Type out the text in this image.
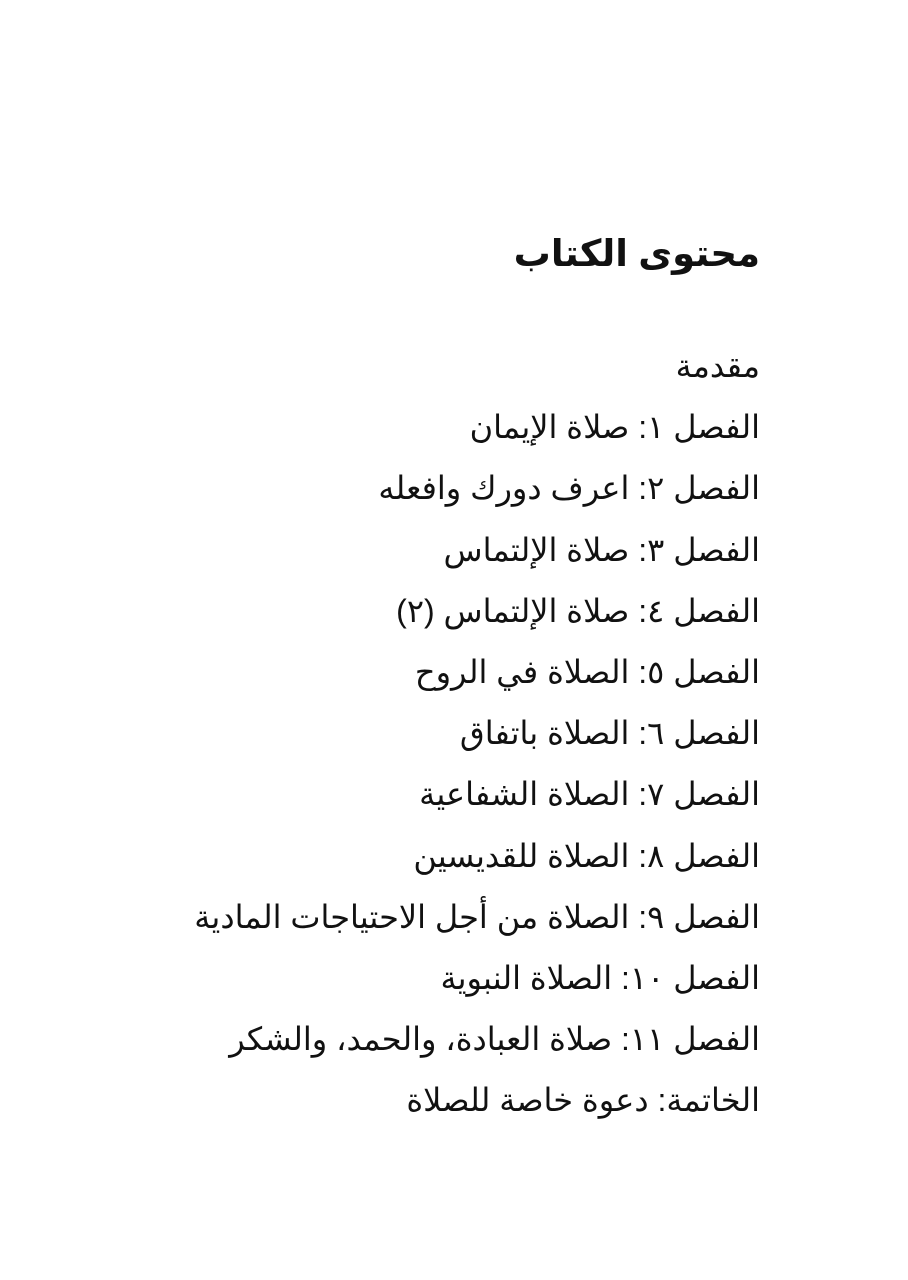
محتوى الكتاب
مقدمة
الفصل ١: صلاة الإيمان
الفصل ٢: اعرف دورك وافعله
الفصل ٣: صلاة الإلتماس
الفصل ٤: صلاة الإلتماس (٢)
الفصل ٥: الصلاة في الروح
الفصل ٦: الصلاة باتفاق
الفصل ٧: الصلاة الشفاعية
الفصل ٨: الصلاة للقديسين
الفصل ٩: الصلاة من أجل الاحتياجات المادية
الفصل ١٠: الصلاة النبوية
الفصل ١١: صلاة العبادة، والحمد، والشكر
الخاتمة: دعوة خاصة للصلاة
